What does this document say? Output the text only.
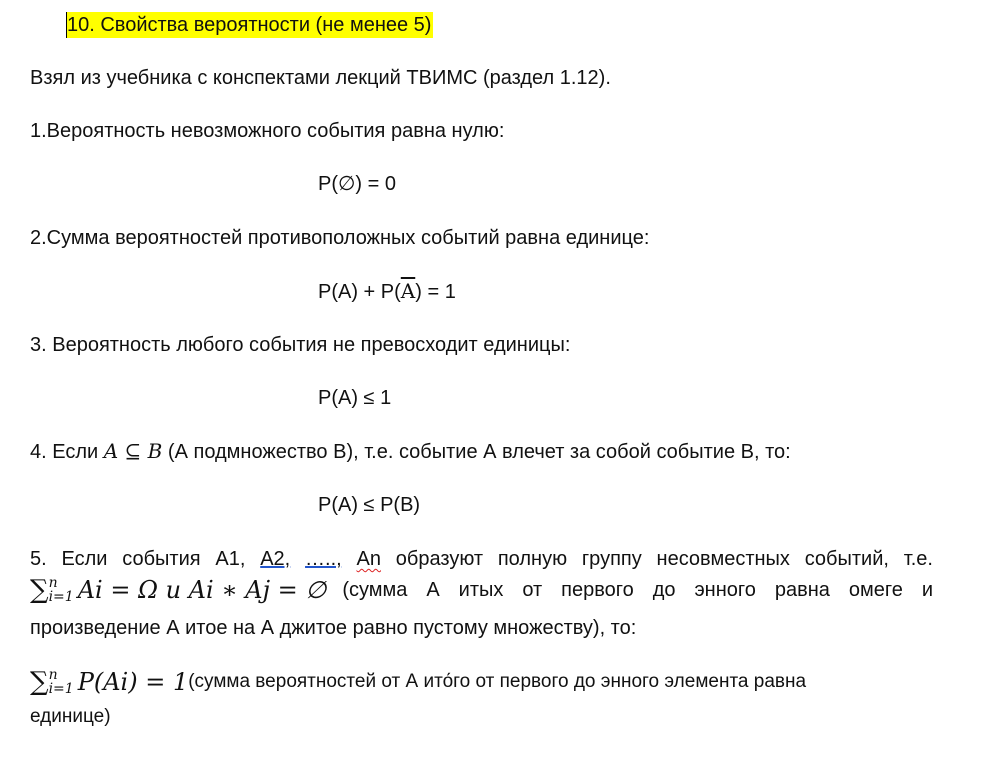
10. Свойства вероятности (не менее 5)
Взял из учебника с конспектами лекций ТВИМС (раздел 1.12).
1.Вероятность невозможного события равна нулю:
P(∅) = 0
2.Сумма вероятностей противоположных событий равна единице:
$P(A) + P(\overline{A}) = 1$
3. Вероятность любого события не превосходит единицы:
P(A) ≤ 1
4. Если A ⊆ B (А подмножество В), т.е. событие А влечет за собой событие В, то:
P(A) ≤ P(B)
5. Если события А1, А2, ….., An образуют полную группу несовместных событий, т.е.
∑ n
i=1 Ai = Ω и Ai ∗ Aj = ∅ (сумма А итых от первого до энного равна омеге и
произведение А итое на А джитое равно пустому множеству), то:
∑ n
i=1 P(Ai) = 1 (сумма вероятностей от А ито́го от первого до энного элемента равна
единице)
